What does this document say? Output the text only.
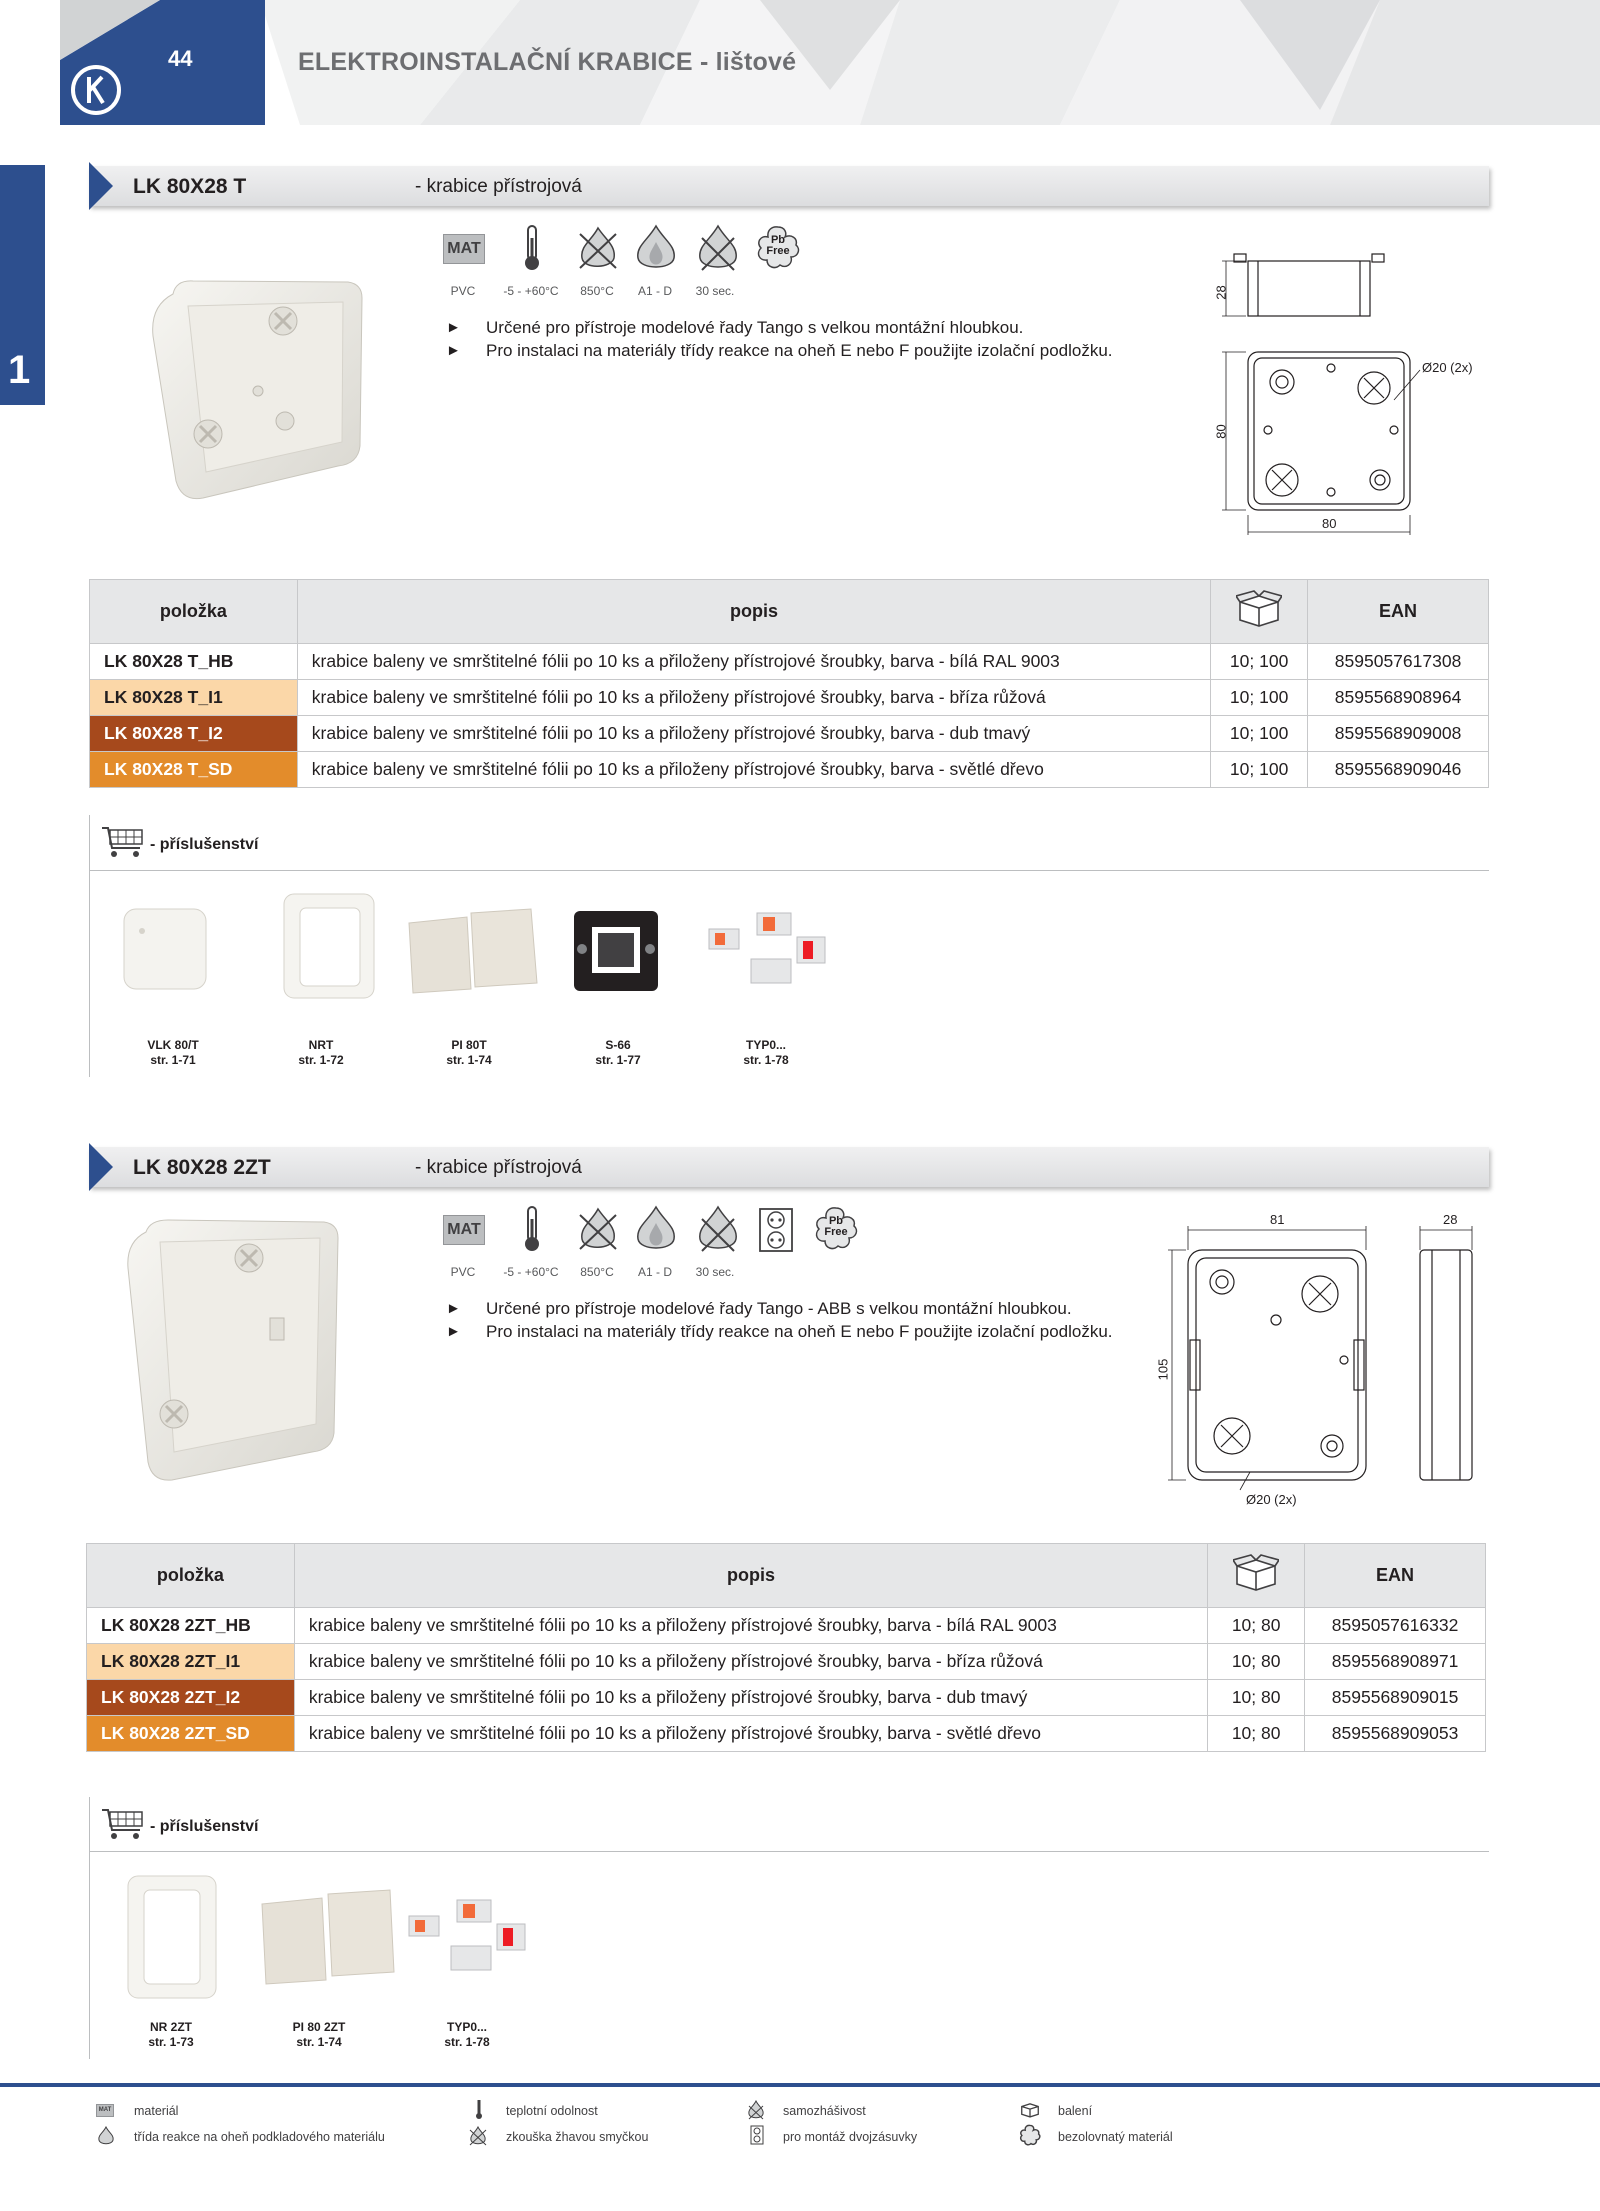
44	ELEKTROINSTALAČNÍ KRABICE - lištové
1
LK 80X28 T	- krabice přístrojová
MAT	Pb
Free
PVC	-5 - +60°C	850°C	A1 - D	30 sec.
►	Určené pro přístroje modelové řady Tango s velkou montážní hloubkou.
►	Pro instalaci na materiály třídy reakce na oheň E nebo F použijte izolační podložku.
28
80
80
Ø20 (2x)
položka	popis		EAN
LK 80X28 T_HB	krabice baleny ve smrštitelné fólii po 10 ks a přiloženy přístrojové šroubky, barva - bílá RAL 9003	10; 100	8595057617308
LK 80X28 T_I1	krabice baleny ve smrštitelné fólii po 10 ks a přiloženy přístrojové šroubky, barva - bříza růžová	10; 100	8595568908964
LK 80X28 T_I2	krabice baleny ve smrštitelné fólii po 10 ks a přiloženy přístrojové šroubky, barva - dub tmavý	10; 100	8595568909008
LK 80X28 T_SD	krabice baleny ve smrštitelné fólii po 10 ks a přiloženy přístrojové šroubky, barva - světlé dřevo	10; 100	8595568909046
- příslušenství
VLK 80/T
str. 1-71
NRT
str. 1-72
PI 80T
str. 1-74
S-66
str. 1-77
TYP0...
str. 1-78
LK 80X28 2ZT	- krabice přístrojová
MAT	Pb
Free
PVC	-5 - +60°C	850°C	A1 - D	30 sec.
►	Určené pro přístroje modelové řady Tango - ABB s velkou montážní hloubkou.
►	Pro instalaci na materiály třídy reakce na oheň E nebo F použijte izolační podložku.
81	28
105
Ø20 (2x)
položka	popis		EAN
LK 80X28 2ZT_HB	krabice baleny ve smrštitelné fólii po 10 ks a přiloženy přístrojové šroubky, barva - bílá RAL 9003	10; 80	8595057616332
LK 80X28 2ZT_I1	krabice baleny ve smrštitelné fólii po 10 ks a přiloženy přístrojové šroubky, barva - bříza růžová	10; 80	8595568908971
LK 80X28 2ZT_I2	krabice baleny ve smrštitelné fólii po 10 ks a přiloženy přístrojové šroubky, barva - dub tmavý	10; 80	8595568909015
LK 80X28 2ZT_SD	krabice baleny ve smrštitelné fólii po 10 ks a přiloženy přístrojové šroubky, barva - světlé dřevo	10; 80	8595568909053
- příslušenství
NR 2ZT
str. 1-73
PI 80 2ZT
str. 1-74
TYP0...
str. 1-78
MAT materiál	teplotní odolnost	samozhášivost	balení
třída reakce na oheň podkladového materiálu	zkouška žhavou smyčkou	pro montáž dvojzásuvky	bezolovnatý materiál
